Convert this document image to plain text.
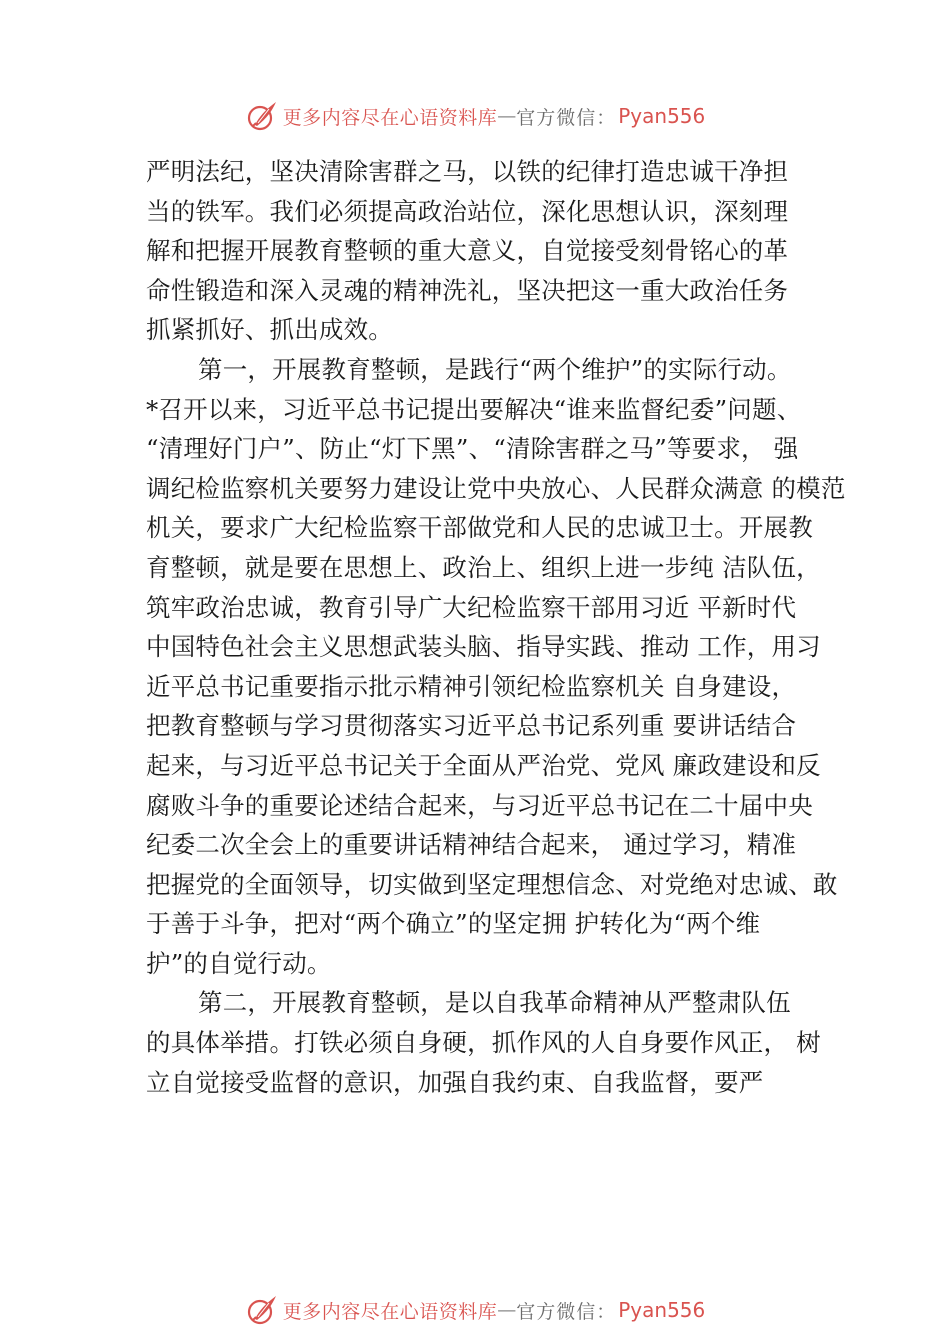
更多内容尽在心语资料库 — 官方微信： Pyan556
严明法纪，坚决清除害群之马，以铁的纪律打造忠诚干净担
当的铁军。我们必须提高政治站位，深化思想认识，深刻理
解和把握开展教育整顿的重大意义，自觉接受刻骨铭心的革
命性锻造和深入灵魂的精神洗礼，坚决把这一重大政治任务
抓紧抓好、抓出成效。
第一，开展教育整顿，是践行“两个维护”的实际行动。
*召开以来，习近平总书记提出要解决“谁来监督纪委”问题、
“清理好门户”、防止“灯下黑”、“清除害群之马”等要求， 强
调纪检监察机关要努力建设让党中央放心、人民群众满意 的模范
机关，要求广大纪检监察干部做党和人民的忠诚卫士。开展教
育整顿，就是要在思想上、政治上、组织上进一步纯 洁队伍，
筑牢政治忠诚，教育引导广大纪检监察干部用习近 平新时代
中国特色社会主义思想武装头脑、指导实践、推动 工作，用习
近平总书记重要指示批示精神引领纪检监察机关 自身建设，
把教育整顿与学习贯彻落实习近平总书记系列重 要讲话结合
起来，与习近平总书记关于全面从严治党、党风 廉政建设和反
腐败斗争的重要论述结合起来，与习近平总书记在二十届中央
纪委二次全会上的重要讲话精神结合起来， 通过学习，精准
把握党的全面领导，切实做到坚定理想信念、对党绝对忠诚、敢
于善于斗争，把对“两个确立”的坚定拥 护转化为“两个维
护”的自觉行动。
第二，开展教育整顿，是以自我革命精神从严整肃队伍
的具体举措。打铁必须自身硬，抓作风的人自身要作风正， 树
立自觉接受监督的意识，加强自我约束、自我监督，要严
更多内容尽在心语资料库 — 官方微信： Pyan556
